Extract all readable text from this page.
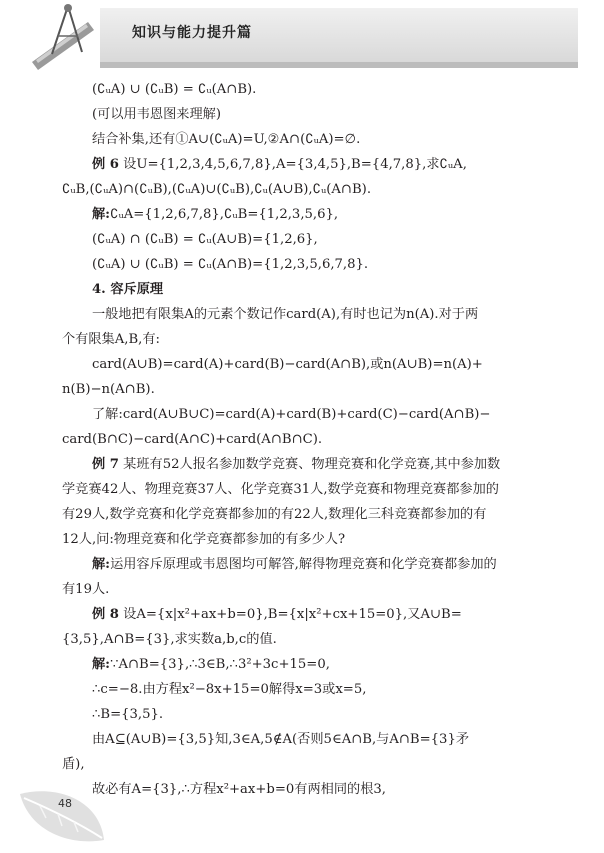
知识与能力提升篇
(∁ᵤA) ∪ (∁ᵤB) = ∁ᵤ(A∩B).
(可以用韦恩图来理解)
结合补集,还有①A∪(∁ᵤA)=U,②A∩(∁ᵤA)=∅.
例 6 设U={1,2,3,4,5,6,7,8},A={3,4,5},B={4,7,8},求∁ᵤA,
∁ᵤB,(∁ᵤA)∩(∁ᵤB),(∁ᵤA)∪(∁ᵤB),∁ᵤ(A∪B),∁ᵤ(A∩B).
解:∁ᵤA={1,2,6,7,8},∁ᵤB={1,2,3,5,6},
(∁ᵤA) ∩ (∁ᵤB) = ∁ᵤ(A∪B)={1,2,6},
(∁ᵤA) ∪ (∁ᵤB) = ∁ᵤ(A∩B)={1,2,3,5,6,7,8}.
4. 容斥原理
一般地把有限集A的元素个数记作card(A),有时也记为n(A).对于两
个有限集A,B,有:
card(A∪B)=card(A)+card(B)−card(A∩B),或n(A∪B)=n(A)+
n(B)−n(A∩B).
了解:card(A∪B∪C)=card(A)+card(B)+card(C)−card(A∩B)−
card(B∩C)−card(A∩C)+card(A∩B∩C).
例 7 某班有52人报名参加数学竞赛、物理竞赛和化学竞赛,其中参加数
学竞赛42人、物理竞赛37人、化学竞赛31人,数学竞赛和物理竞赛都参加的
有29人,数学竞赛和化学竞赛都参加的有22人,数理化三科竞赛都参加的有
12人,问:物理竞赛和化学竞赛都参加的有多少人?
解:运用容斥原理或韦恩图均可解答,解得物理竞赛和化学竞赛都参加的
有19人.
例 8 设A={x|x²+ax+b=0},B={x|x²+cx+15=0},又A∪B=
{3,5},A∩B={3},求实数a,b,c的值.
解:∵A∩B={3},∴3∈B,∴3²+3c+15=0,
∴c=−8.由方程x²−8x+15=0解得x=3或x=5,
∴B={3,5}.
由A⊆(A∪B)={3,5}知,3∈A,5∉A(否则5∈A∩B,与A∩B={3}矛
盾),
故必有A={3},∴方程x²+ax+b=0有两相同的根3,
48
